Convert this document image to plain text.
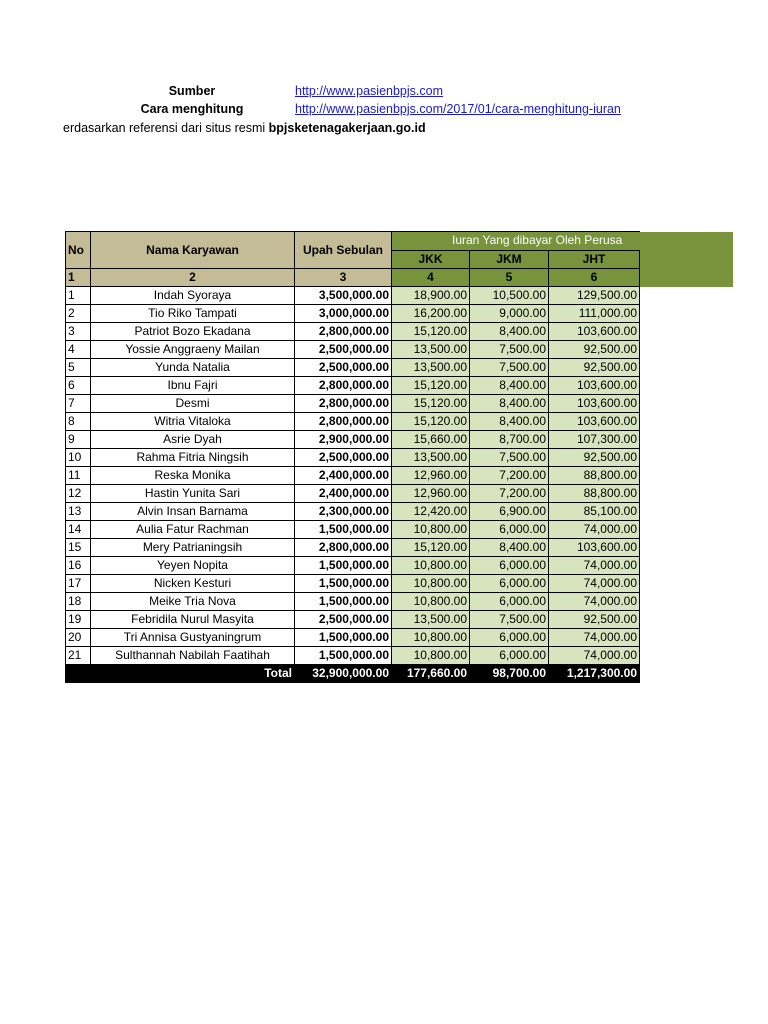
Sumber	http://www.pasienbpjs.com
Cara menghitung	http://www.pasienbpjs.com/2017/01/cara-menghitung-iuran
erdasarkan referensi dari situs resmi bpjsketenagakerjaan.go.id
No	Nama Karyawan	Upah Sebulan	Iuran Yang dibayar Oleh Perusa			
			JKK	JKM	JHT	
1	2	3	4	5	6	
1	Indah Syoraya	3,500,000.00	18,900.00	10,500.00	129,500.00	
2	Tio Riko Tampati	3,000,000.00	16,200.00	9,000.00	111,000.00	
3	Patriot Bozo Ekadana	2,800,000.00	15,120.00	8,400.00	103,600.00	
4	Yossie Anggraeny Mailan	2,500,000.00	13,500.00	7,500.00	92,500.00	
5	Yunda Natalia	2,500,000.00	13,500.00	7,500.00	92,500.00	
6	Ibnu Fajri	2,800,000.00	15,120.00	8,400.00	103,600.00	
7	Desmi	2,800,000.00	15,120.00	8,400.00	103,600.00	
8	Witria Vitaloka	2,800,000.00	15,120.00	8,400.00	103,600.00	
9	Asrie Dyah	2,900,000.00	15,660.00	8,700.00	107,300.00	
10	Rahma Fitria Ningsih	2,500,000.00	13,500.00	7,500.00	92,500.00	
11	Reska Monika	2,400,000.00	12,960.00	7,200.00	88,800.00	
12	Hastin Yunita Sari	2,400,000.00	12,960.00	7,200.00	88,800.00	
13	Alvin Insan Barnama	2,300,000.00	12,420.00	6,900.00	85,100.00	
14	Aulia Fatur Rachman	1,500,000.00	10,800.00	6,000.00	74,000.00	
15	Mery Patrianingsih	2,800,000.00	15,120.00	8,400.00	103,600.00	
16	Yeyen Nopita	1,500,000.00	10,800.00	6,000.00	74,000.00	
17	Nicken Kesturi	1,500,000.00	10,800.00	6,000.00	74,000.00	
18	Meike Tria Nova	1,500,000.00	10,800.00	6,000.00	74,000.00	
19	Febridila Nurul Masyita	2,500,000.00	13,500.00	7,500.00	92,500.00	
20	Tri Annisa Gustyaningrum	1,500,000.00	10,800.00	6,000.00	74,000.00	
21	Sulthannah Nabilah Faatihah	1,500,000.00	10,800.00	6,000.00	74,000.00	
Total		32,900,000.00	177,660.00	98,700.00	1,217,300.00	
